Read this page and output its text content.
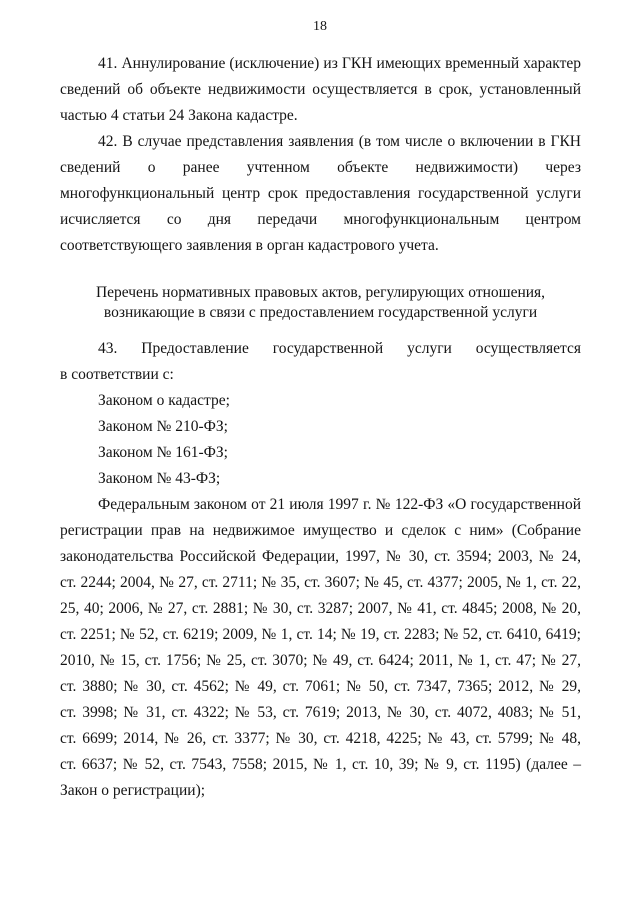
18
41. Аннулирование (исключение) из ГКН имеющих временный характер
сведений об объекте недвижимости осуществляется в срок, установленный
частью 4 статьи 24 Закона кадастре.
42. В случае представления заявления (в том числе о включении в ГКН
сведений о ранее учтенном объекте недвижимости) через
многофункциональный центр срок предоставления государственной услуги
исчисляется со дня передачи многофункциональным центром
соответствующего заявления в орган кадастрового учета.
Перечень нормативных правовых актов, регулирующих отношения,
возникающие в связи с предоставлением государственной услуги
43. Предоставление государственной услуги осуществляется
в соответствии с:
Законом о кадастре;
Законом № 210-ФЗ;
Законом № 161-ФЗ;
Законом № 43-ФЗ;
Федеральным законом от 21 июля 1997 г. № 122-ФЗ «О государственной
регистрации прав на недвижимое имущество и сделок с ним» (Собрание
законодательства Российской Федерации, 1997, № 30, ст. 3594; 2003, № 24,
ст. 2244; 2004, № 27, ст. 2711; № 35, ст. 3607; № 45, ст. 4377; 2005, № 1, ст. 22,
25, 40; 2006, № 27, ст. 2881; № 30, ст. 3287; 2007, № 41, ст. 4845; 2008, № 20,
ст. 2251; № 52, ст. 6219; 2009, № 1, ст. 14; № 19, ст. 2283; № 52, ст. 6410, 6419;
2010, № 15, ст. 1756; № 25, ст. 3070; № 49, ст. 6424; 2011, № 1, ст. 47; № 27,
ст. 3880; № 30, ст. 4562; № 49, ст. 7061; № 50, ст. 7347, 7365; 2012, № 29,
ст. 3998; № 31, ст. 4322; № 53, ст. 7619; 2013, № 30, ст. 4072, 4083; № 51,
ст. 6699; 2014, № 26, ст. 3377; № 30, ст. 4218, 4225; № 43, ст. 5799; № 48,
ст. 6637; № 52, ст. 7543, 7558; 2015, № 1, ст. 10, 39; № 9, ст. 1195) (далее –
Закон о регистрации);
